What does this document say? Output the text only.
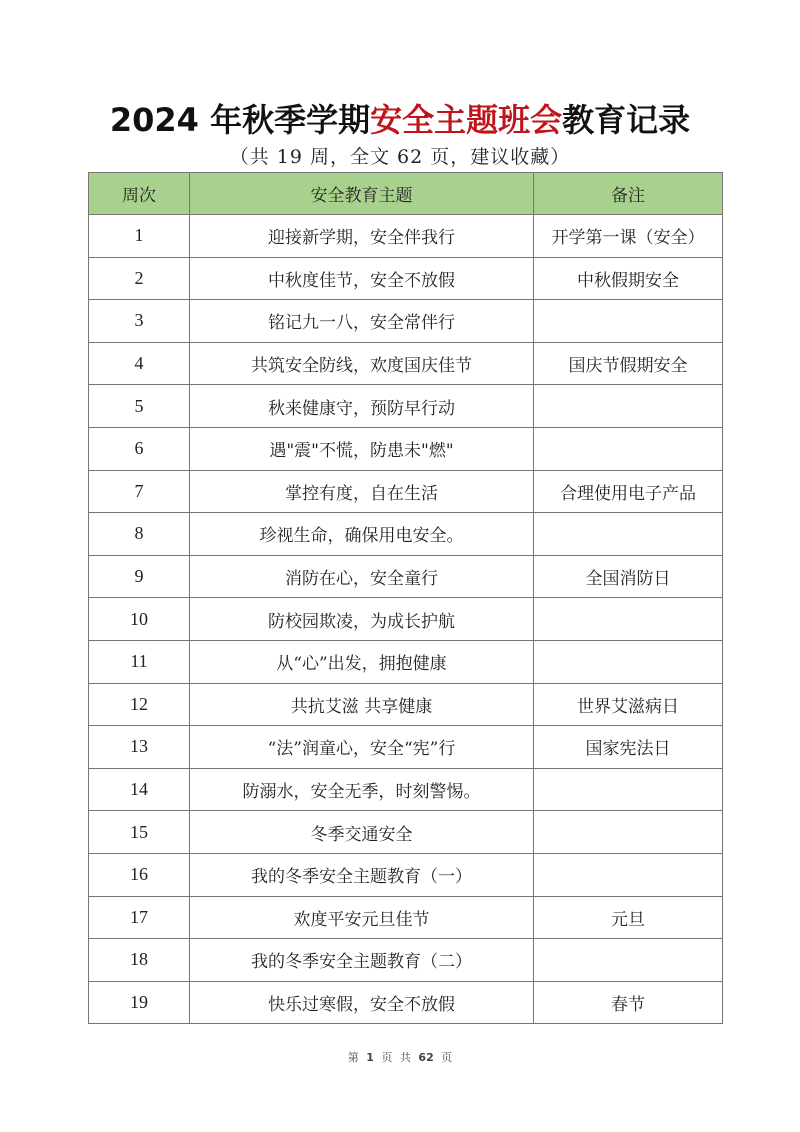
2024 年秋季学期安全主题班会教育记录
（共 19 周，全文 62 页，建议收藏）
周次	安全教育主题	备注
1	迎接新学期，安全伴我行	开学第一课（安全）
2	中秋度佳节，安全不放假	中秋假期安全
3	铭记九一八，安全常伴行	
4	共筑安全防线，欢度国庆佳节	国庆节假期安全
5	秋来健康守，预防早行动	
6	遇"震"不慌，防患未"燃"	
7	掌控有度，自在生活	合理使用电子产品
8	珍视生命，确保用电安全。	
9	消防在心，安全童行	全国消防日
10	防校园欺凌，为成长护航	
11	从“心”出发，拥抱健康	
12	共抗艾滋 共享健康	世界艾滋病日
13	“法”润童心，安全“宪”行	国家宪法日
14	防溺水，安全无季，时刻警惕。	
15	冬季交通安全	
16	我的冬季安全主题教育（一）	
17	欢度平安元旦佳节	元旦
18	我的冬季安全主题教育（二）	
19	快乐过寒假，安全不放假	春节
第 1 页 共 62 页
